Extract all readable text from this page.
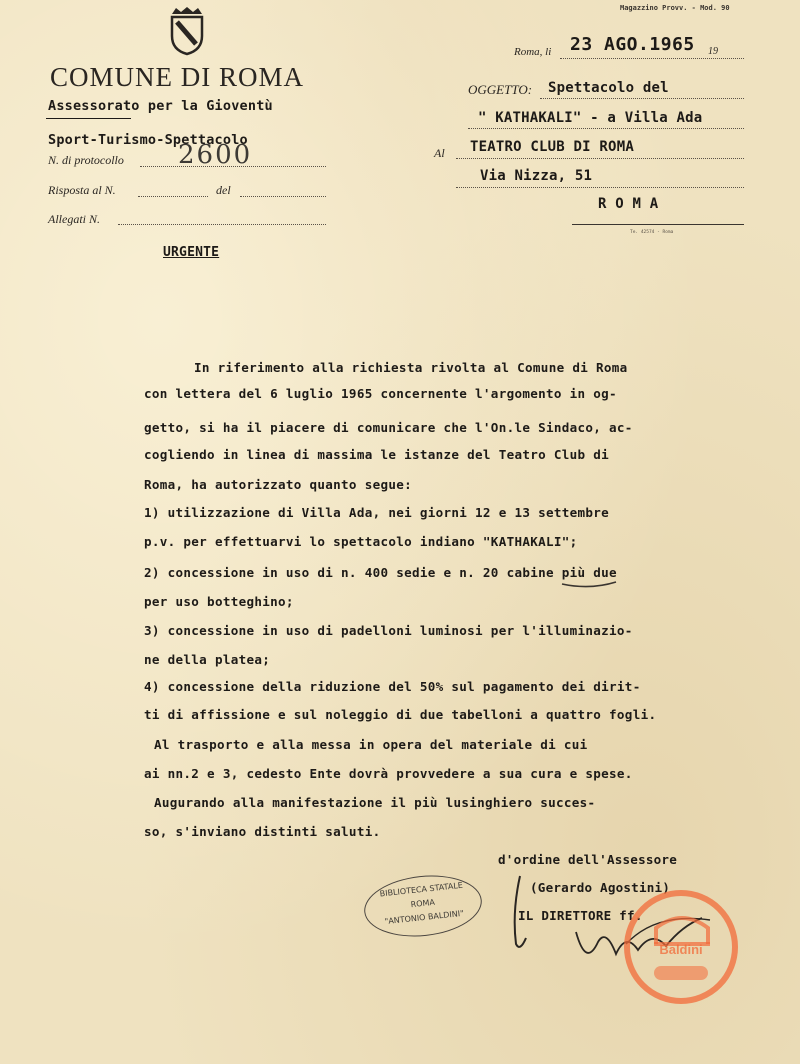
Magazzino Provv. - Mod. 90
COMUNE DI ROMA
Assessorato per la Gioventù
Sport-Turismo-Spettacolo
N. di protocollo 2600
Risposta al N.	del
Allegati N.
URGENTE
Roma, li 23 AGO.1965 19
OGGETTO: Spettacolo del
" KATHAKALI" - a Villa Ada
Al TEATRO CLUB DI ROMA
Via Nizza, 51
R O M A
Te. 42574 - Roma
In riferimento alla richiesta rivolta al Comune di Roma
con lettera del 6 luglio 1965 concernente l'argomento in og-
getto, si ha il piacere di comunicare che l'On.le Sindaco, ac-
cogliendo in linea di massima le istanze del Teatro Club di
Roma, ha autorizzato quanto segue:
1) utilizzazione di Villa Ada, nei giorni 12 e 13 settembre
p.v. per effettuarvi lo spettacolo indiano "KATHAKALI";
2) concessione in uso di n. 400 sedie e n. 20 cabine più due
per uso botteghino;
3) concessione in uso di padelloni luminosi per l'illuminazio-
ne della platea;
4) concessione della riduzione del 50% sul pagamento dei dirit-
ti di affissione e sul noleggio di due tabelloni a quattro fogli.
Al trasporto e alla messa in opera del materiale di cui
ai nn.2 e 3, cedesto Ente dovrà provvedere a sua cura e spese.
Augurando alla manifestazione il più lusinghiero succes-
so, s'inviano distinti saluti.
d'ordine dell'Assessore
(Gerardo Agostini)
IL DIRETTORE ff.
BIBLIOTECA STATALE
ROMA
"ANTONIO BALDINI"
Baldini
